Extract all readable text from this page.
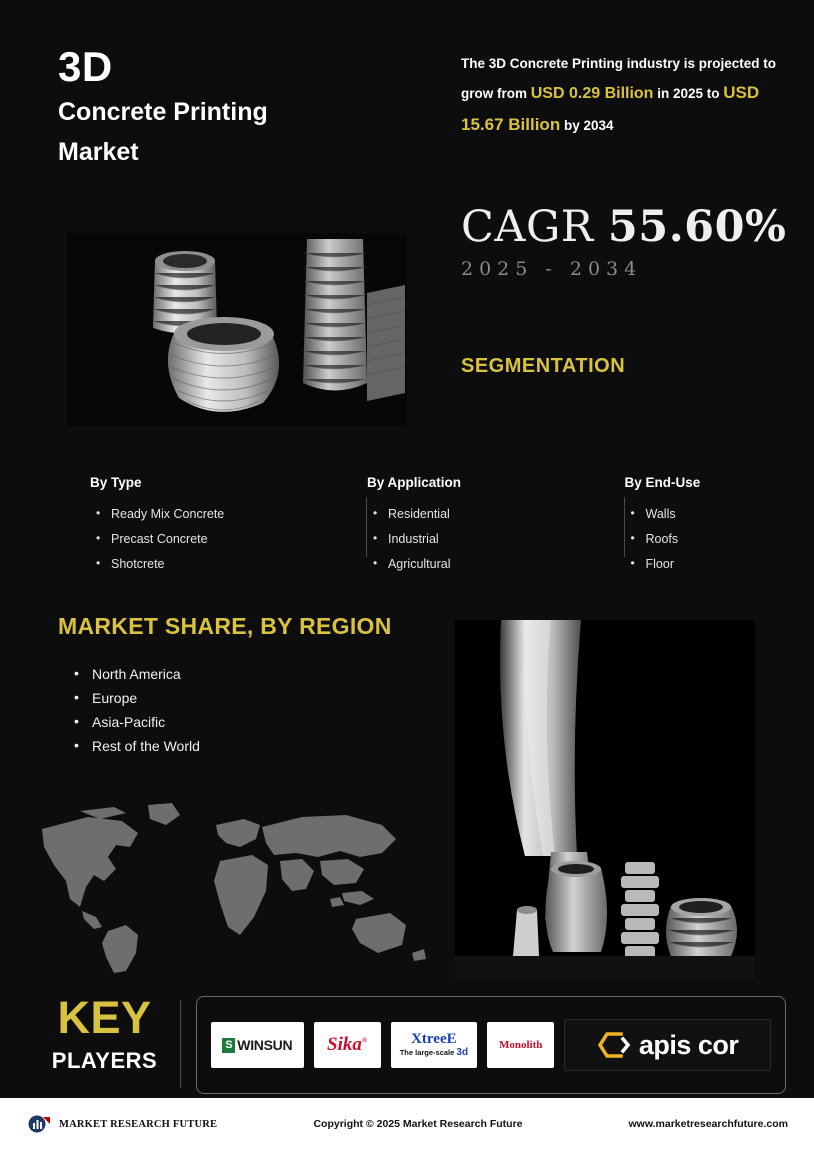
3D
Concrete Printing
Market
The 3D Concrete Printing industry is projected to grow from USD 0.29 Billion in 2025 to USD 15.67 Billion by 2034
CAGR 55.60%
2025 - 2034
SEGMENTATION
By Type
• Ready Mix Concrete
• Precast Concrete
• Shotcrete
By Application
• Residential
• Industrial
• Agricultural
By End-Use
• Walls
• Roofs
• Floor
MARKET SHARE, BY REGION
• North America
• Europe
• Asia-Pacific
• Rest of the World
KEY
PLAYERS
S WINSUN Sika®	XtreeE
The large-scale 3d
Monolith	apis cor
MARKET RESEARCH FUTURE	Copyright © 2025 Market Research Future	www.marketresearchfuture.com
